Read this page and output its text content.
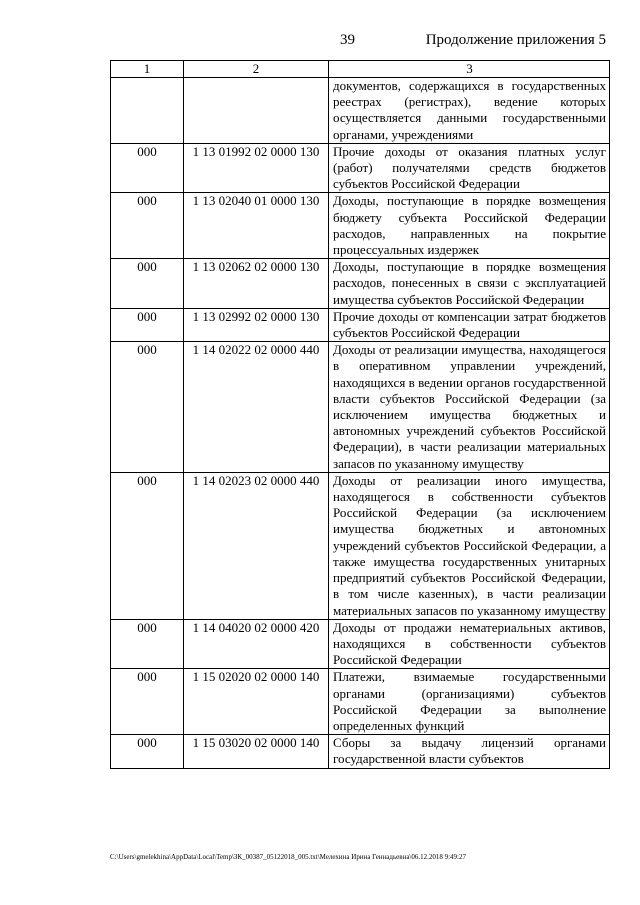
39	Продолжение приложения 5
1	2	3
		документов, содержащихся в государственных реестрах (регистрах), ведение которых осуществляется данными государственными органами, учреждениями
000	1 13 01992 02 0000 130	Прочие доходы от оказания платных услуг (работ) получателями средств бюджетов субъектов Российской Федерации
000	1 13 02040 01 0000 130	Доходы, поступающие в порядке возмещения бюджету субъекта Российской Федерации расходов, направленных на покрытие процессуальных издержек
000	1 13 02062 02 0000 130	Доходы, поступающие в порядке возмещения расходов, понесенных в связи с эксплуатацией имущества субъектов Российской Федерации
000	1 13 02992 02 0000 130	Прочие доходы от компенсации затрат бюджетов субъектов Российской Федерации
000	1 14 02022 02 0000 440	Доходы от реализации имущества, находящегося в оперативном управлении учреждений, находящихся в ведении органов государственной власти субъектов Российской Федерации (за исключением имущества бюджетных и автономных учреждений субъектов Российской Федерации), в части реализации материальных запасов по указанному имуществу
000	1 14 02023 02 0000 440	Доходы от реализации иного имущества, находящегося в собственности субъектов Российской Федерации (за исключением имущества бюджетных и автономных учреждений субъектов Российской Федерации, а также имущества государственных унитарных предприятий субъектов Российской Федерации, в том числе казенных), в части реализации материальных запасов по указанному имуществу
000	1 14 04020 02 0000 420	Доходы от продажи нематериальных активов, находящихся в собственности субъектов Российской Федерации
000	1 15 02020 02 0000 140	Платежи, взимаемые государственными органами (организациями) субъектов Российской Федерации за выполнение определенных функций
000	1 15 03020 02 0000 140	Сборы за выдачу лицензий органами государственной власти субъектов
C:\Users\gmelekhina\AppData\Local\Temp\ЗК_00387_05122018_005.txt\Мелехина Ирина Геннадьевна\06.12.2018 9:49:27
